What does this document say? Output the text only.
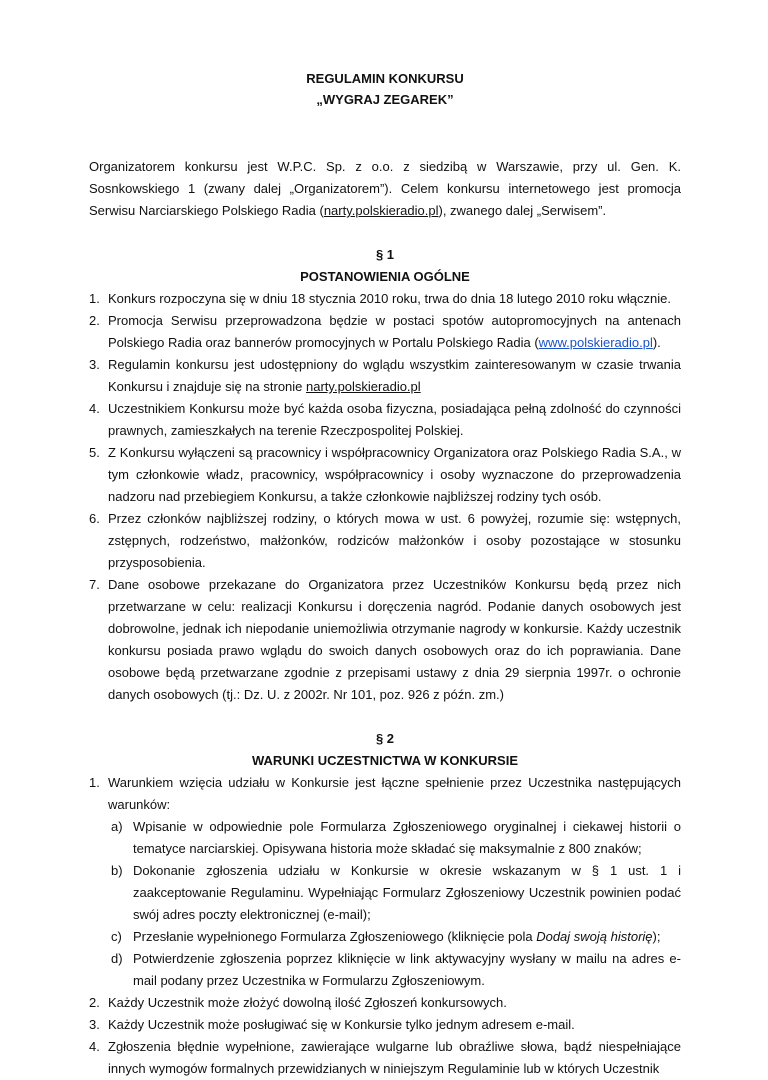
REGULAMIN KONKURSU
„WYGRAJ ZEGAREK”
Organizatorem konkursu jest W.P.C. Sp. z o.o. z siedzibą w Warszawie, przy ul. Gen. K. Sosnkowskiego 1 (zwany dalej „Organizatorem”). Celem konkursu internetowego jest promocja Serwisu Narciarskiego Polskiego Radia (narty.polskieradio.pl), zwanego dalej „Serwisem”.
§ 1
POSTANOWIENIA OGÓLNE
1. Konkurs rozpoczyna się w dniu 18 stycznia 2010 roku, trwa do dnia 18 lutego 2010 roku włącznie.
2. Promocja Serwisu przeprowadzona będzie w postaci spotów autopromocyjnych na antenach Polskiego Radia oraz bannerów promocyjnych w Portalu Polskiego Radia (www.polskieradio.pl).
3. Regulamin konkursu jest udostępniony do wglądu wszystkim zainteresowanym w czasie trwania Konkursu i znajduje się na stronie narty.polskieradio.pl
4. Uczestnikiem Konkursu może być każda osoba fizyczna, posiadająca pełną zdolność do czynności prawnych, zamieszkałych na terenie Rzeczpospolitej Polskiej.
5. Z Konkursu wyłączeni są pracownicy i współpracownicy Organizatora oraz Polskiego Radia S.A., w tym członkowie władz, pracownicy, współpracownicy i osoby wyznaczone do przeprowadzenia nadzoru nad przebiegiem Konkursu, a także członkowie najbliższej rodziny tych osób.
6. Przez członków najbliższej rodziny, o których mowa w ust. 6 powyżej, rozumie się: wstępnych, zstępnych, rodzeństwo, małżonków, rodziców małżonków i osoby pozostające w stosunku przysposobienia.
7. Dane osobowe przekazane do Organizatora przez Uczestników Konkursu będą przez nich przetwarzane w celu: realizacji Konkursu i doręczenia nagród. Podanie danych osobowych jest dobrowolne, jednak ich niepodanie uniemożliwia otrzymanie nagrody w konkursie. Każdy uczestnik konkursu posiada prawo wglądu do swoich danych osobowych oraz do ich poprawiania. Dane osobowe będą przetwarzane zgodnie z przepisami ustawy z dnia 29 sierpnia 1997r. o ochronie danych osobowych (tj.: Dz. U. z 2002r. Nr 101, poz. 926 z późn. zm.)
§ 2
WARUNKI UCZESTNICTWA W KONKURSIE
1. Warunkiem wzięcia udziału w Konkursie jest łączne spełnienie przez Uczestnika następujących warunków:
a) Wpisanie w odpowiednie pole Formularza Zgłoszeniowego oryginalnej i ciekawej historii o tematyce narciarskiej. Opisywana historia może składać się maksymalnie z 800 znaków;
b) Dokonanie zgłoszenia udziału w Konkursie w okresie wskazanym w § 1 ust. 1 i zaakceptowanie Regulaminu. Wypełniając Formularz Zgłoszeniowy Uczestnik powinien podać swój adres poczty elektronicznej (e-mail);
c) Przesłanie wypełnionego Formularza Zgłoszeniowego (kliknięcie pola Dodaj swoją historię);
d) Potwierdzenie zgłoszenia poprzez kliknięcie w link aktywacyjny wysłany w mailu na adres e-mail podany przez Uczestnika w Formularzu Zgłoszeniowym.
2. Każdy Uczestnik może złożyć dowolną ilość Zgłoszeń konkursowych.
3. Każdy Uczestnik może posługiwać się w Konkursie tylko jednym adresem e-mail.
4. Zgłoszenia błędnie wypełnione, zawierające wulgarne lub obraźliwe słowa, bądź niespełniające innych wymogów formalnych przewidzianych w niniejszym Regulaminie lub w których Uczestnik
